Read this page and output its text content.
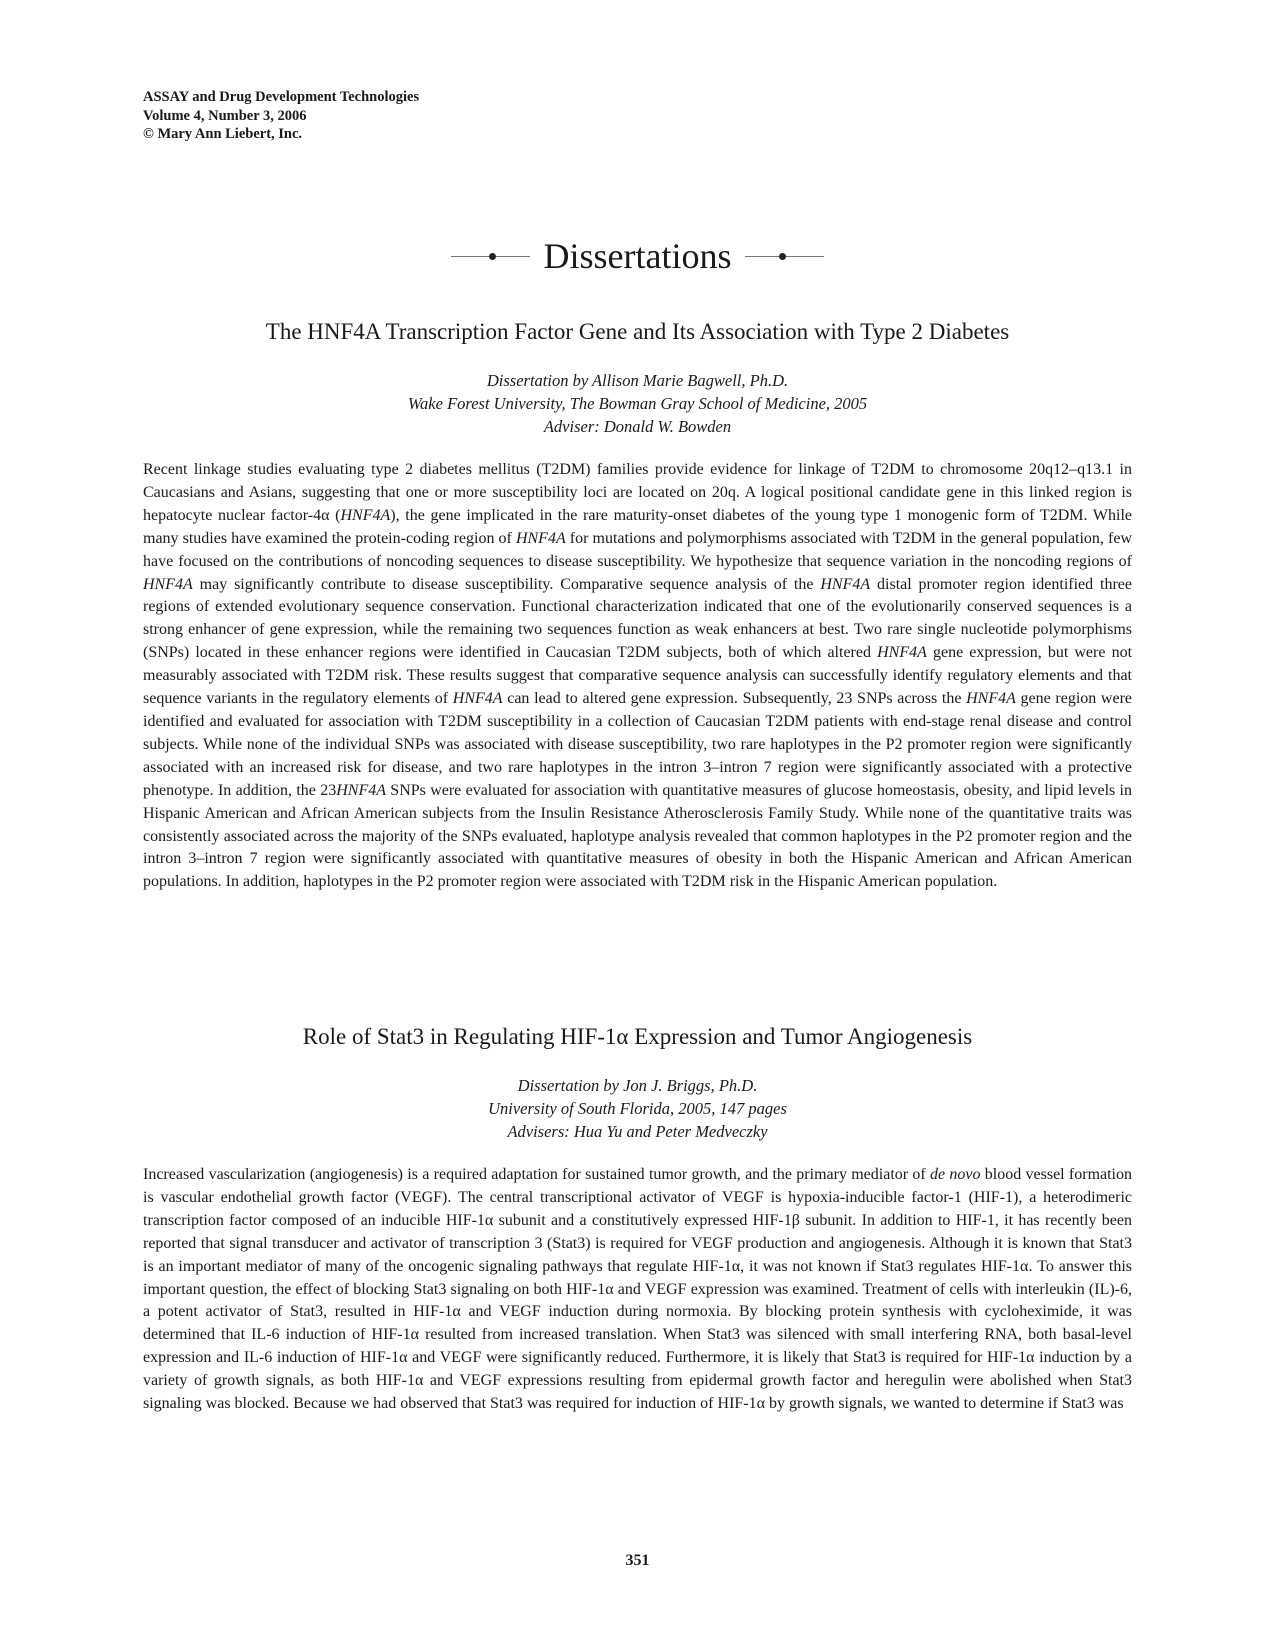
ASSAY and Drug Development Technologies
Volume 4, Number 3, 2006
© Mary Ann Liebert, Inc.
Dissertations
The HNF4A Transcription Factor Gene and Its Association with Type 2 Diabetes
Dissertation by Allison Marie Bagwell, Ph.D.
Wake Forest University, The Bowman Gray School of Medicine, 2005
Adviser: Donald W. Bowden

Recent linkage studies evaluating type 2 diabetes mellitus (T2DM) families provide evidence for linkage of T2DM to chromosome 20q12–q13.1 in Caucasians and Asians, suggesting that one or more susceptibility loci are located on 20q. A logical positional candidate gene in this linked region is hepatocyte nuclear factor-4α (HNF4A), the gene implicated in the rare maturity-onset diabetes of the young type 1 monogenic form of T2DM. While many studies have examined the protein-coding region of HNF4A for mutations and polymorphisms associated with T2DM in the general population, few have focused on the contributions of noncoding sequences to disease susceptibility. We hypothesize that sequence variation in the noncoding regions of HNF4A may significantly contribute to disease susceptibility. Comparative sequence analysis of the HNF4A distal promoter region identified three regions of extended evolutionary sequence conservation. Functional characterization indicated that one of the evolutionarily conserved sequences is a strong enhancer of gene expression, while the remaining two sequences function as weak enhancers at best. Two rare single nucleotide polymorphisms (SNPs) located in these enhancer regions were identified in Caucasian T2DM subjects, both of which altered HNF4A gene expression, but were not measurably associated with T2DM risk. These results suggest that comparative sequence analysis can successfully identify regulatory elements and that sequence variants in the regulatory elements of HNF4A can lead to altered gene expression. Subsequently, 23 SNPs across the HNF4A gene region were identified and evaluated for association with T2DM susceptibility in a collection of Caucasian T2DM patients with end-stage renal disease and control subjects. While none of the individual SNPs was associated with disease susceptibility, two rare haplotypes in the P2 promoter region were significantly associated with an increased risk for disease, and two rare haplotypes in the intron 3–intron 7 region were significantly associated with a protective phenotype. In addition, the 23HNF4A SNPs were evaluated for association with quantitative measures of glucose homeostasis, obesity, and lipid levels in Hispanic American and African American subjects from the Insulin Resistance Atherosclerosis Family Study. While none of the quantitative traits was consistently associated across the majority of the SNPs evaluated, haplotype analysis revealed that common haplotypes in the P2 promoter region and the intron 3–intron 7 region were significantly associated with quantitative measures of obesity in both the Hispanic American and African American populations. In addition, haplotypes in the P2 promoter region were associated with T2DM risk in the Hispanic American population.

Role of Stat3 in Regulating HIF-1α Expression and Tumor Angiogenesis
Dissertation by Jon J. Briggs, Ph.D.
University of South Florida, 2005, 147 pages
Advisers: Hua Yu and Peter Medveczky

Increased vascularization (angiogenesis) is a required adaptation for sustained tumor growth, and the primary mediator of de novo blood vessel formation is vascular endothelial growth factor (VEGF). The central transcriptional activator of VEGF is hypoxia-inducible factor-1 (HIF-1), a heterodimeric transcription factor composed of an inducible HIF-1α subunit and a constitutively expressed HIF-1β subunit. In addition to HIF-1, it has recently been reported that signal transducer and activator of transcription 3 (Stat3) is required for VEGF production and angiogenesis. Although it is known that Stat3 is an important mediator of many of the oncogenic signaling pathways that regulate HIF-1α, it was not known if Stat3 regulates HIF-1α. To answer this important question, the effect of blocking Stat3 signaling on both HIF-1α and VEGF expression was examined. Treatment of cells with interleukin (IL)-6, a potent activator of Stat3, resulted in HIF-1α and VEGF induction during normoxia. By blocking protein synthesis with cycloheximide, it was determined that IL-6 induction of HIF-1α resulted from increased translation. When Stat3 was silenced with small interfering RNA, both basal-level expression and IL-6 induction of HIF-1α and VEGF were significantly reduced. Furthermore, it is likely that Stat3 is required for HIF-1α induction by a variety of growth signals, as both HIF-1α and VEGF expressions resulting from epidermal growth factor and heregulin were abolished when Stat3 signaling was blocked. Because we had observed that Stat3 was required for induction of HIF-1α by growth signals, we wanted to determine if Stat3 was

351
